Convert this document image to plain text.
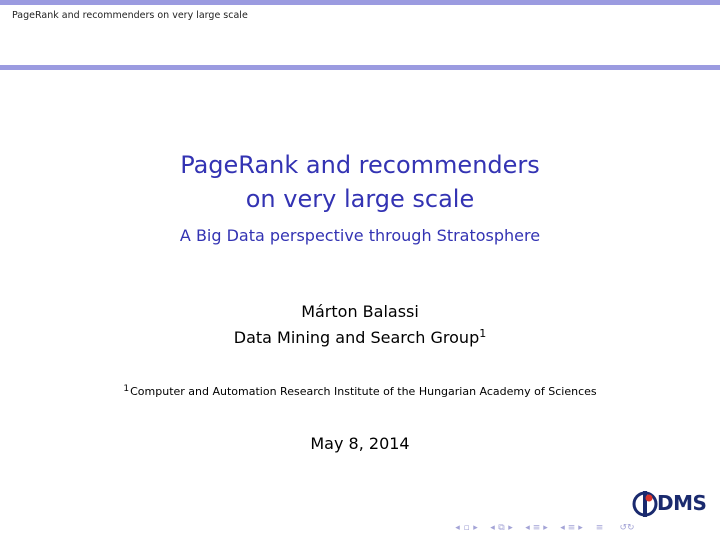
PageRank and recommenders on very large scale
PageRank and recommenders
on very large scale
A Big Data perspective through Stratosphere
Márton Balassi
Data Mining and Search Group$^1$
$^1$Computer and Automation Research Institute of the Hungarian Academy of Sciences
May 8, 2014
DMS
◂ ▫ ▸ ◂ ⧉ ▸ ◂ ≡ ▸ ◂ ≡ ▸ ≡	↺↻
